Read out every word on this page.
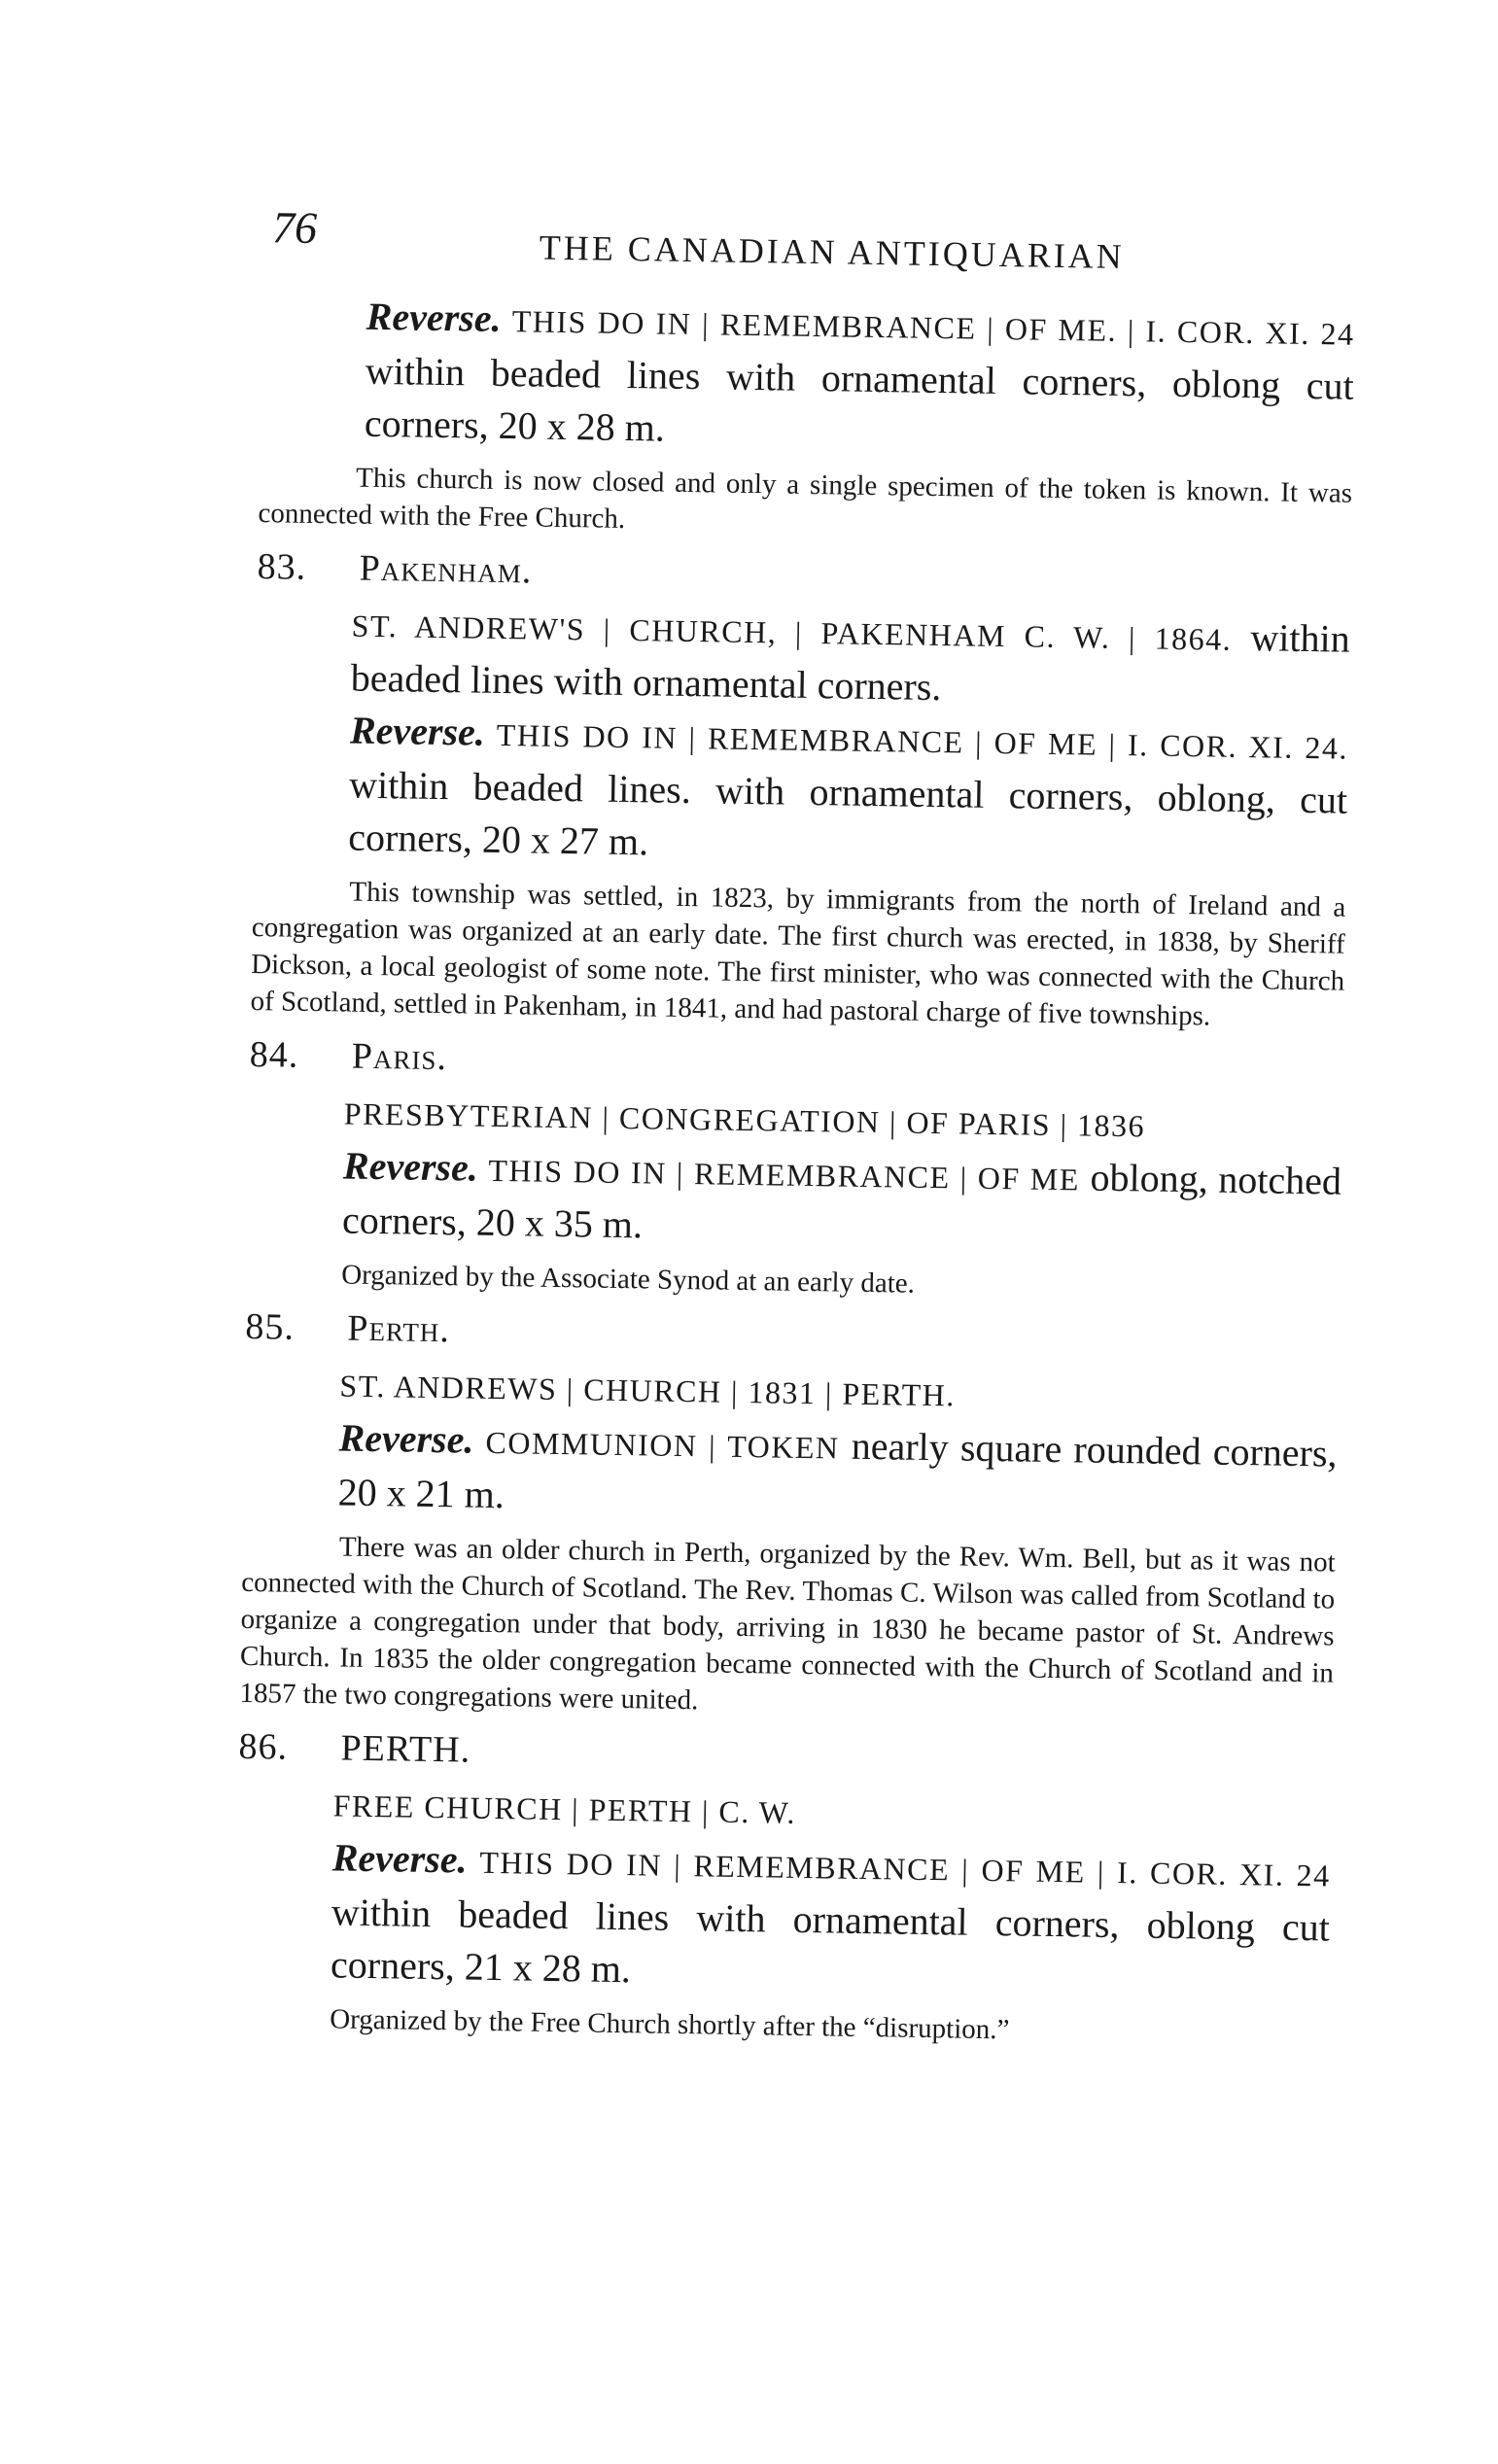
76	THE CANADIAN ANTIQUARIAN

Reverse. THIS DO IN | REMEMBRANCE | OF ME. | I. COR. XI. 24 within beaded lines with ornamental corners, oblong cut corners, 20 x 28 m.

This church is now closed and only a single specimen of the token is known. It was connected with the Free Church.

83. Pakenham.

ST. ANDREW'S | CHURCH, | PAKENHAM C. W. | 1864. within beaded lines with ornamental corners.
Reverse. THIS DO IN | REMEMBRANCE | OF ME | I. COR. XI. 24. within beaded lines. with ornamental corners, oblong, cut corners, 20 x 27 m.

This township was settled, in 1823, by immigrants from the north of Ireland and a congregation was organized at an early date. The first church was erected, in 1838, by Sheriff Dickson, a local geologist of some note. The first minister, who was connected with the Church of Scotland, settled in Pakenham, in 1841, and had pastoral charge of five townships.

84. Paris.

PRESBYTERIAN | CONGREGATION | OF PARIS | 1836
Reverse. THIS DO IN | REMEMBRANCE | OF ME oblong, notched corners, 20 x 35 m.

Organized by the Associate Synod at an early date.

85. Perth.

ST. ANDREWS | CHURCH | 1831 | PERTH.
Reverse. COMMUNION | TOKEN nearly square rounded corners, 20 x 21 m.

There was an older church in Perth, organized by the Rev. Wm. Bell, but as it was not connected with the Church of Scotland. The Rev. Thomas C. Wilson was called from Scotland to organize a congregation under that body, arriving in 1830 he became pastor of St. Andrews Church. In 1835 the older congregation became connected with the Church of Scotland and in 1857 the two congregations were united.

86. PERTH.

FREE CHURCH | PERTH | C. W.
Reverse. THIS DO IN | REMEMBRANCE | OF ME | I. COR. XI. 24 within beaded lines with ornamental corners, oblong cut corners, 21 x 28 m.

Organized by the Free Church shortly after the “disruption.”
